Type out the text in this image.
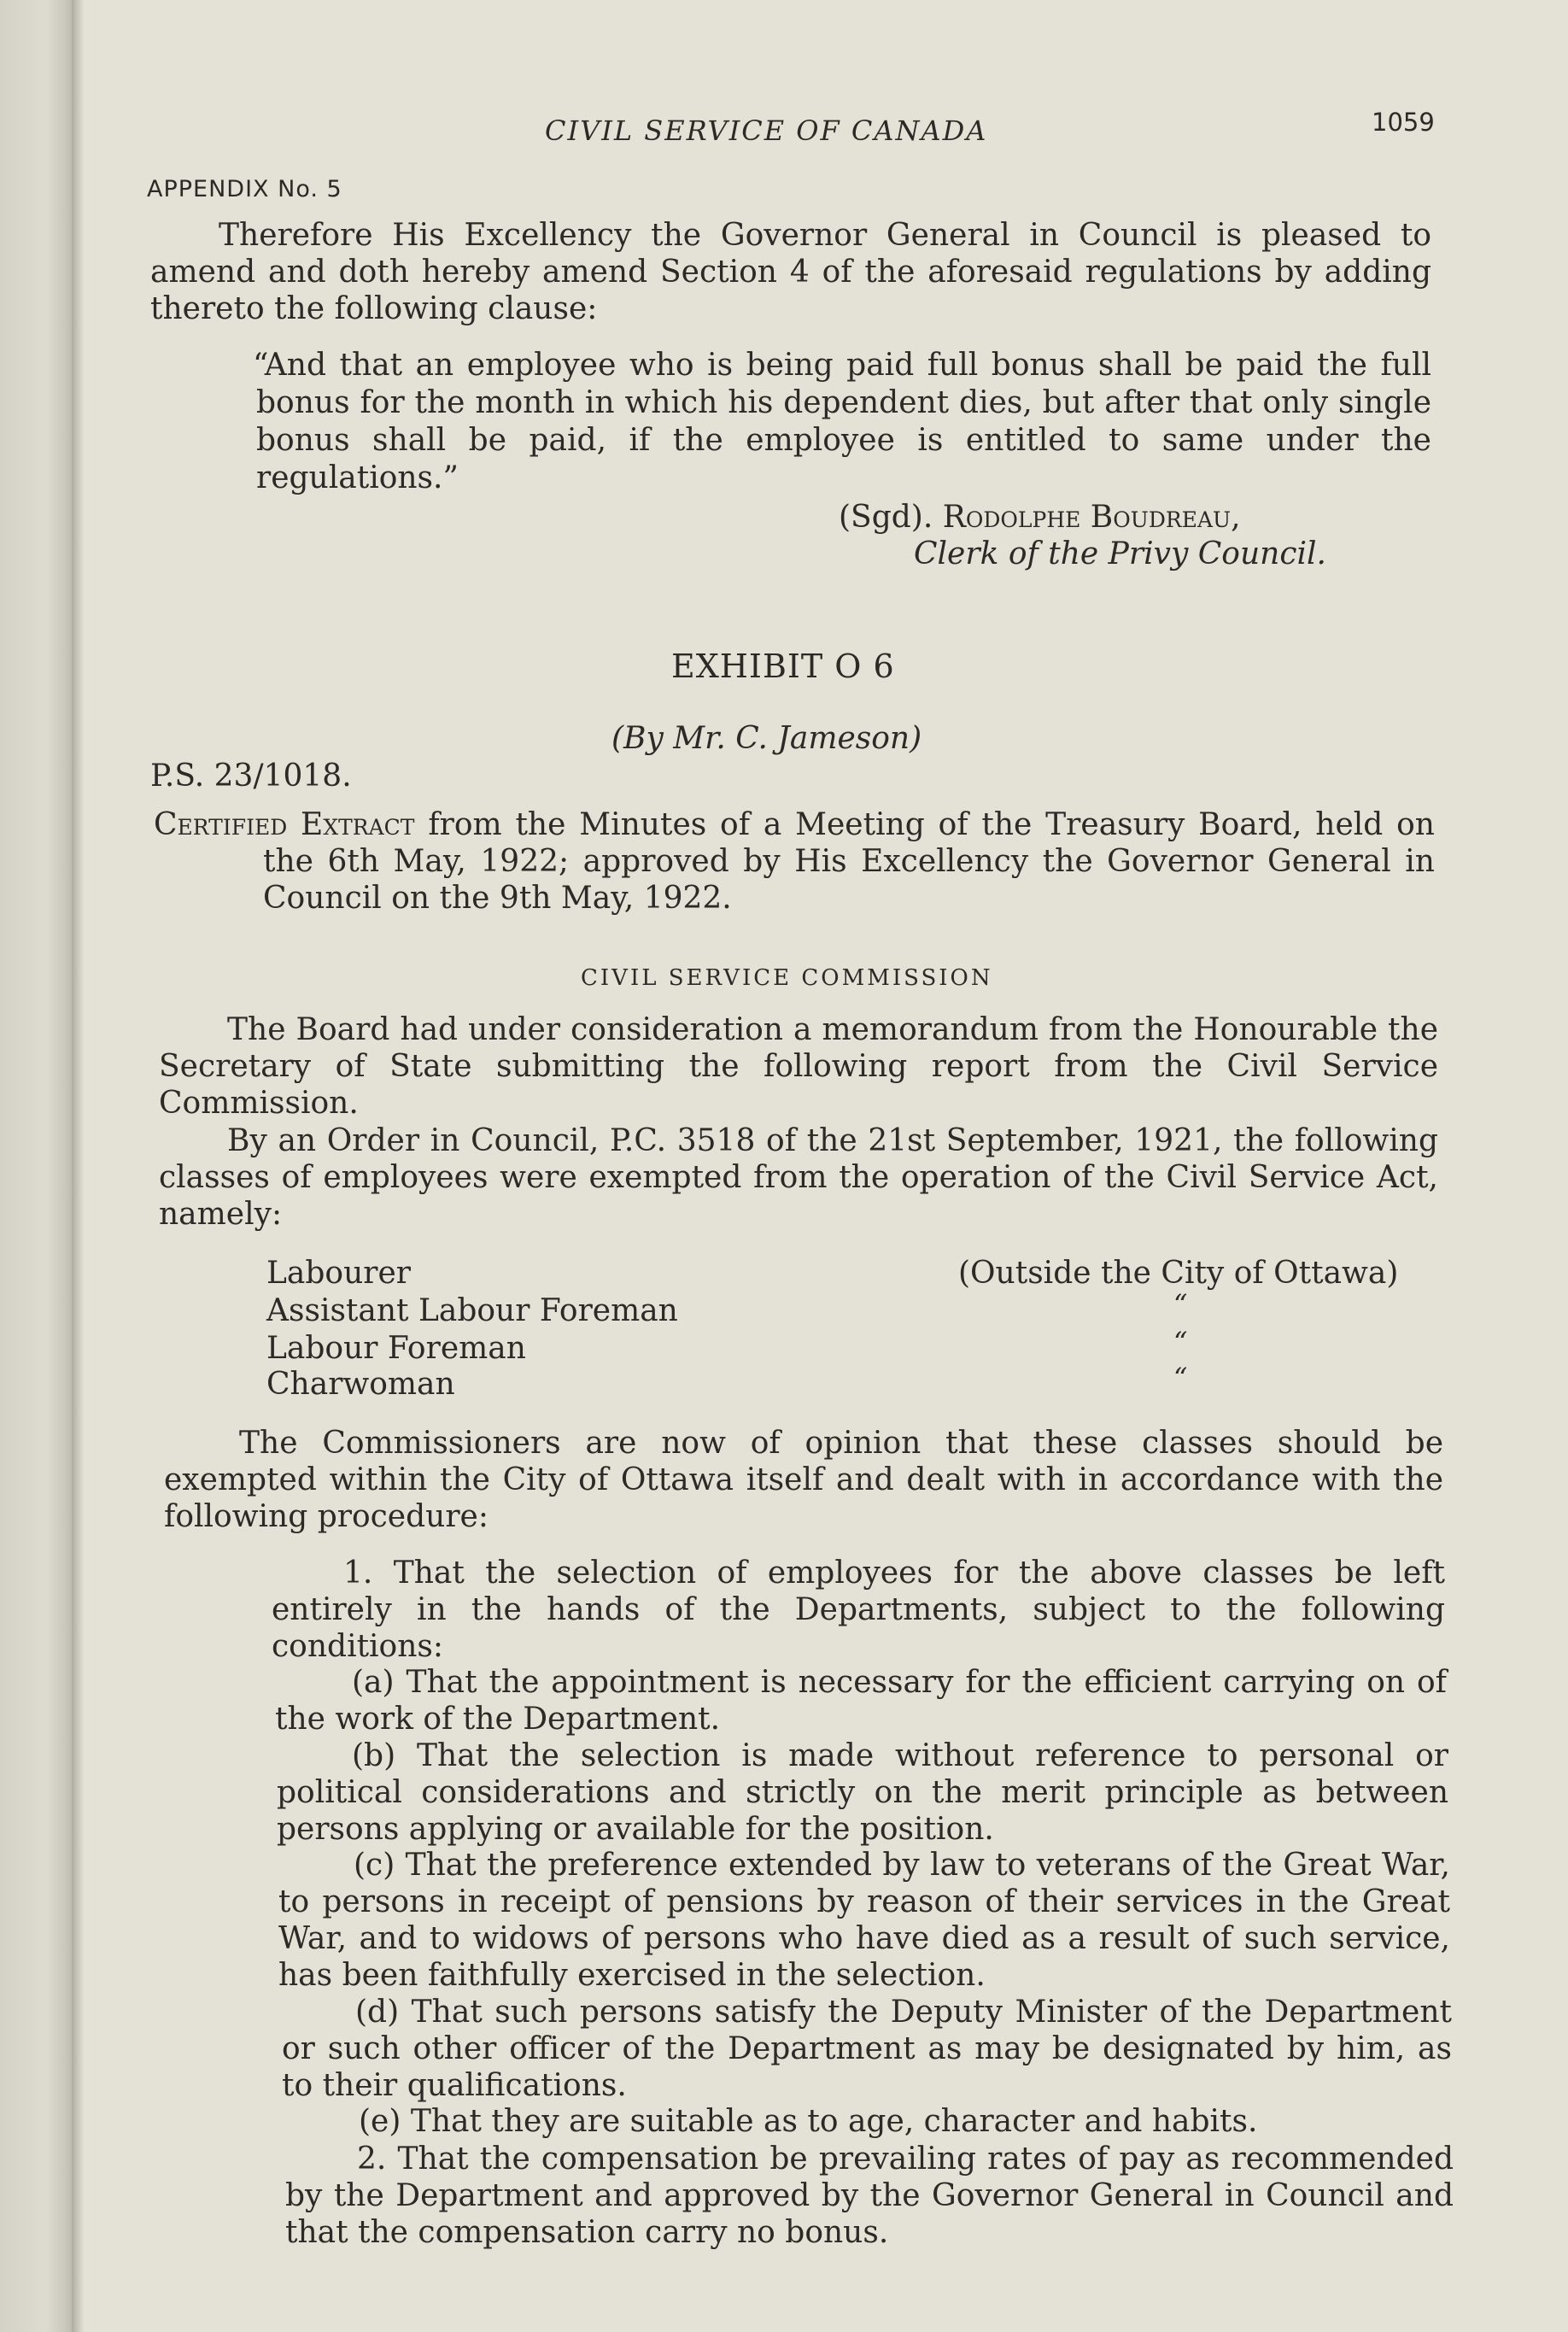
CIVIL SERVICE OF CANADA	1059
APPENDIX No. 5
Therefore His Excellency the Governor General in Council is pleased to amend and doth hereby amend Section 4 of the aforesaid regulations by adding thereto the following clause:
“And that an employee who is being paid full bonus shall be paid the full bonus for the month in which his dependent dies, but after that only single bonus shall be paid, if the employee is entitled to same under the regulations.”
(Sgd). Rodolphe Boudreau,
Clerk of the Privy Council.
EXHIBIT O 6
(By Mr. C. Jameson)
P.S. 23/1018.
Certified Extract from the Minutes of a Meeting of the Treasury Board, held on the 6th May, 1922; approved by His Excellency the Governor General in Council on the 9th May, 1922.
CIVIL SERVICE COMMISSION
The Board had under consideration a memorandum from the Honourable the Secretary of State submitting the following report from the Civil Service Commission.
By an Order in Council, P.C. 3518 of the 21st September, 1921, the following classes of employees were exempted from the operation of the Civil Service Act, namely:
Labourer	(Outside the City of Ottawa)
Assistant Labour Foreman	“
Labour Foreman	“
Charwoman	“
The Commissioners are now of opinion that these classes should be exempted within the City of Ottawa itself and dealt with in accordance with the following procedure:
1. That the selection of employees for the above classes be left entirely in the hands of the Departments, subject to the following conditions:
(a) That the appointment is necessary for the efficient carrying on of the work of the Department.
(b) That the selection is made without reference to personal or political considerations and strictly on the merit principle as between persons applying or available for the position.
(c) That the preference extended by law to veterans of the Great War, to persons in receipt of pensions by reason of their services in the Great War, and to widows of persons who have died as a result of such service, has been faithfully exercised in the selection.
(d) That such persons satisfy the Deputy Minister of the Department or such other officer of the Department as may be designated by him, as to their qualifications.
(e) That they are suitable as to age, character and habits.
2. That the compensation be prevailing rates of pay as recommended by the Department and approved by the Governor General in Council and that the compensation carry no bonus.
